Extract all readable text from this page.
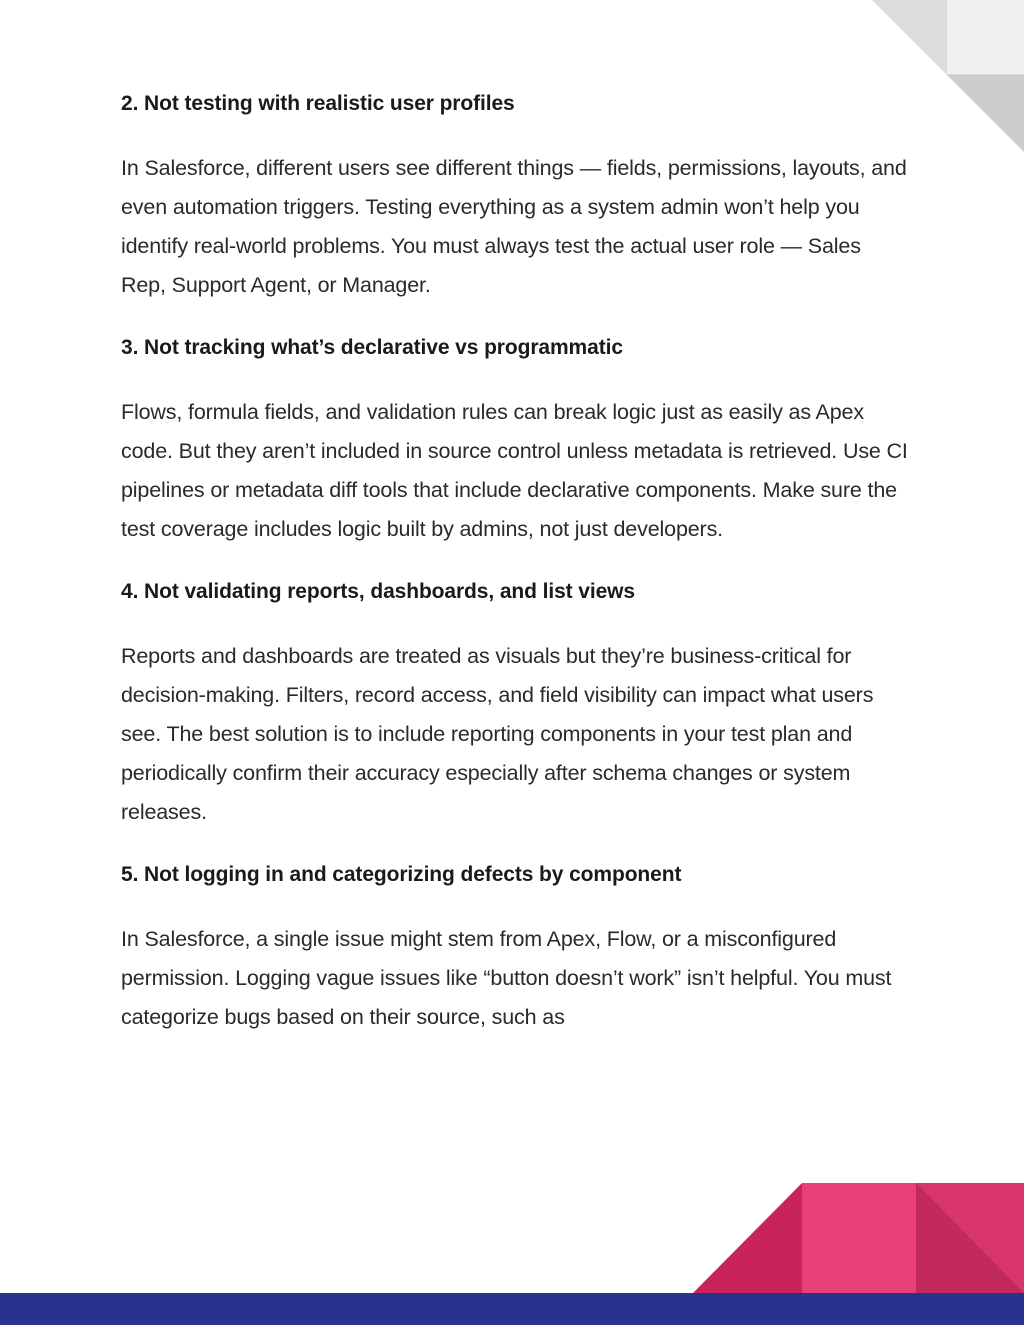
2. Not testing with realistic user profiles

In Salesforce, different users see different things — fields, permissions, layouts, and even automation triggers. Testing everything as a system admin won’t help you identify real-world problems. You must always test the actual user role — Sales Rep, Support Agent, or Manager.

3. Not tracking what’s declarative vs programmatic

Flows, formula fields, and validation rules can break logic just as easily as Apex code. But they aren’t included in source control unless metadata is retrieved. Use CI pipelines or metadata diff tools that include declarative components. Make sure the test coverage includes logic built by admins, not just developers.

4. Not validating reports, dashboards, and list views

Reports and dashboards are treated as visuals but they’re business-critical for decision-making. Filters, record access, and field visibility can impact what users see. The best solution is to include reporting components in your test plan and periodically confirm their accuracy especially after schema changes or system releases.

5. Not logging in and categorizing defects by component

In Salesforce, a single issue might stem from Apex, Flow, or a misconfigured permission. Logging vague issues like “button doesn’t work” isn’t helpful. You must categorize bugs based on their source, such as
